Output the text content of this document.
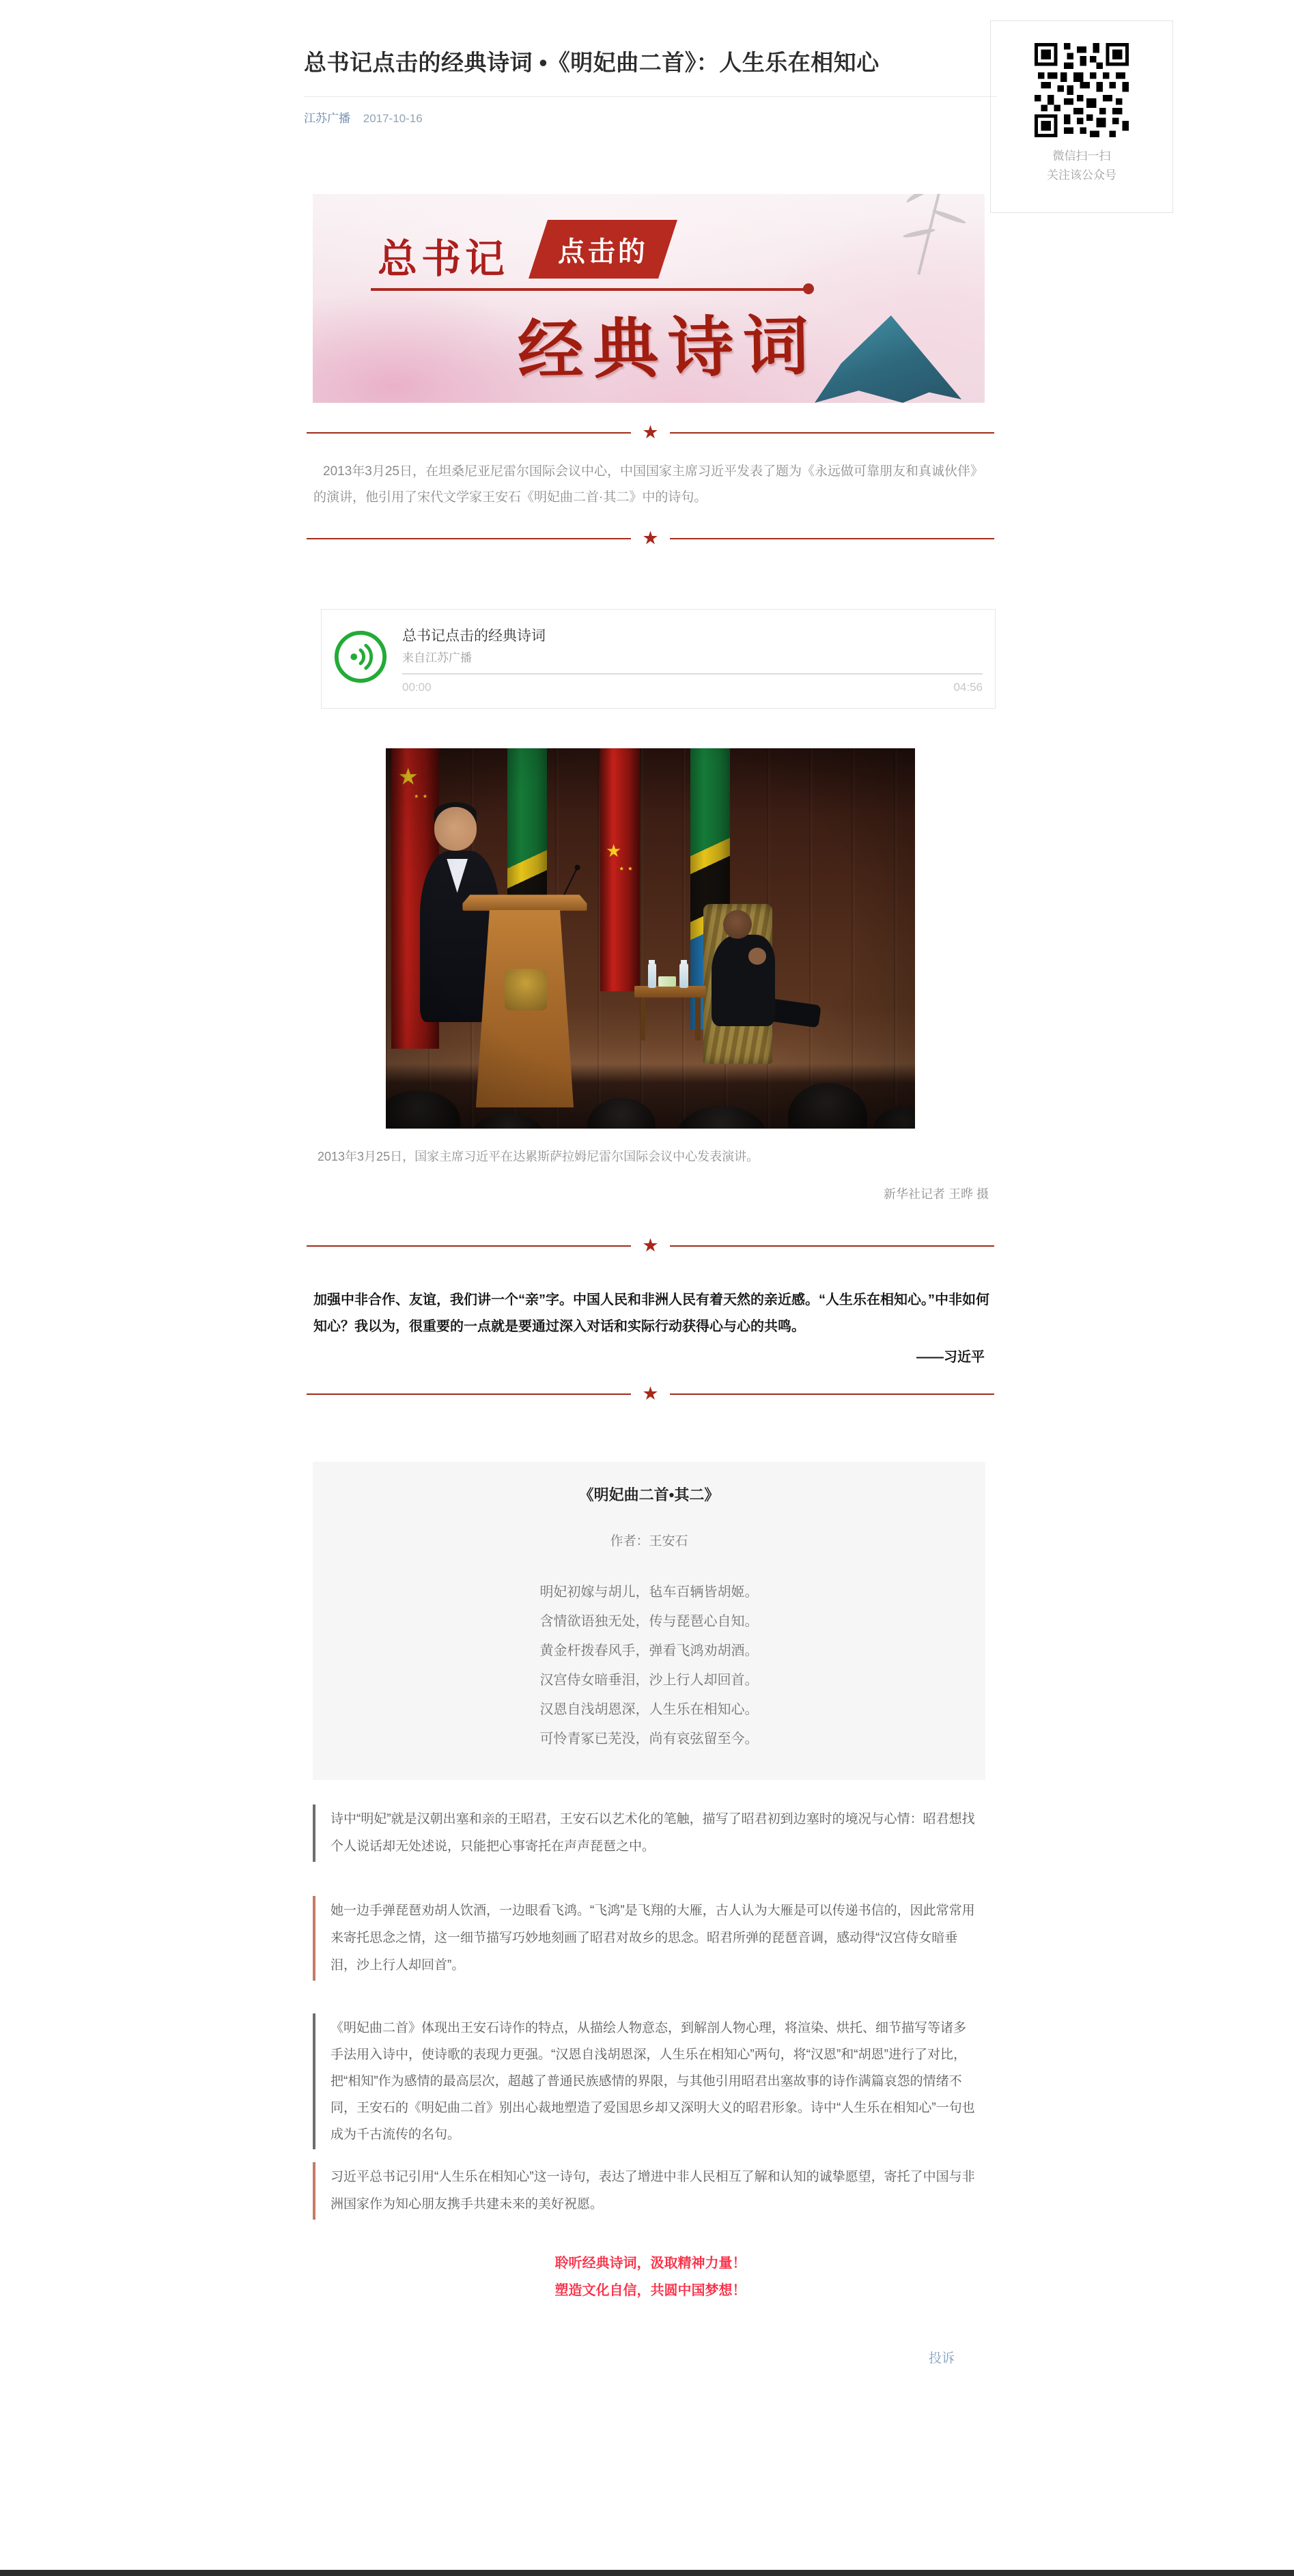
微信扫一扫
关注该公众号
总书记点击的经典诗词 •《明妃曲二首》：人生乐在相知心
江苏广播 2017-10-16
总书记 点击的
经典诗词
★

2013年3月25日，在坦桑尼亚尼雷尔国际会议中心，中国国家主席习近平发表了题为《永远做可靠朋友和真诚伙伴》的演讲，他引用了宋代文学家王安石《明妃曲二首·其二》中的诗句。

★
总书记点击的经典诗词
来自江苏广播
00:00	04:56
★
⭑ ⭑
★
⭑ ⭑
2013年3月25日，国家主席习近平在达累斯萨拉姆尼雷尔国际会议中心发表演讲。
新华社记者 王晔 摄
★

加强中非合作、友谊，我们讲一个“亲”字。中国人民和非洲人民有着天然的亲近感。“人生乐在相知心。”中非如何知心？我以为，很重要的一点就是要通过深入对话和实际行动获得心与心的共鸣。

——习近平
★
《明妃曲二首•其二》
作者：王安石
明妃初嫁与胡儿，毡车百辆皆胡姬。
含情欲语独无处，传与琵琶心自知。
黄金杆拨春风手，弹看飞鸿劝胡酒。
汉宫侍女暗垂泪，沙上行人却回首。
汉恩自浅胡恩深，人生乐在相知心。
可怜青冢已芜没，尚有哀弦留至今。

诗中“明妃”就是汉朝出塞和亲的王昭君，王安石以艺术化的笔触，描写了昭君初到边塞时的境况与心情：昭君想找个人说话却无处述说，只能把心事寄托在声声琵琶之中。

她一边手弹琵琶劝胡人饮酒，一边眼看飞鸿。“飞鸿”是飞翔的大雁，古人认为大雁是可以传递书信的，因此常常用来寄托思念之情，这一细节描写巧妙地刻画了昭君对故乡的思念。昭君所弹的琵琶音调，感动得“汉宫侍女暗垂泪，沙上行人却回首”。

《明妃曲二首》体现出王安石诗作的特点，从描绘人物意态，到解剖人物心理，将渲染、烘托、细节描写等诸多手法用入诗中，使诗歌的表现力更强。“汉恩自浅胡恩深，人生乐在相知心”两句，将“汉恩”和“胡恩”进行了对比，把“相知”作为感情的最高层次，超越了普通民族感情的界限，与其他引用昭君出塞故事的诗作满篇哀怨的情绪不同，王安石的《明妃曲二首》别出心裁地塑造了爱国思乡却又深明大义的昭君形象。诗中“人生乐在相知心”一句也成为千古流传的名句。

习近平总书记引用“人生乐在相知心”这一诗句，表达了增进中非人民相互了解和认知的诚挚愿望，寄托了中国与非洲国家作为知心朋友携手共建未来的美好祝愿。

聆听经典诗词，汲取精神力量！
塑造文化自信，共圆中国梦想！
投诉
